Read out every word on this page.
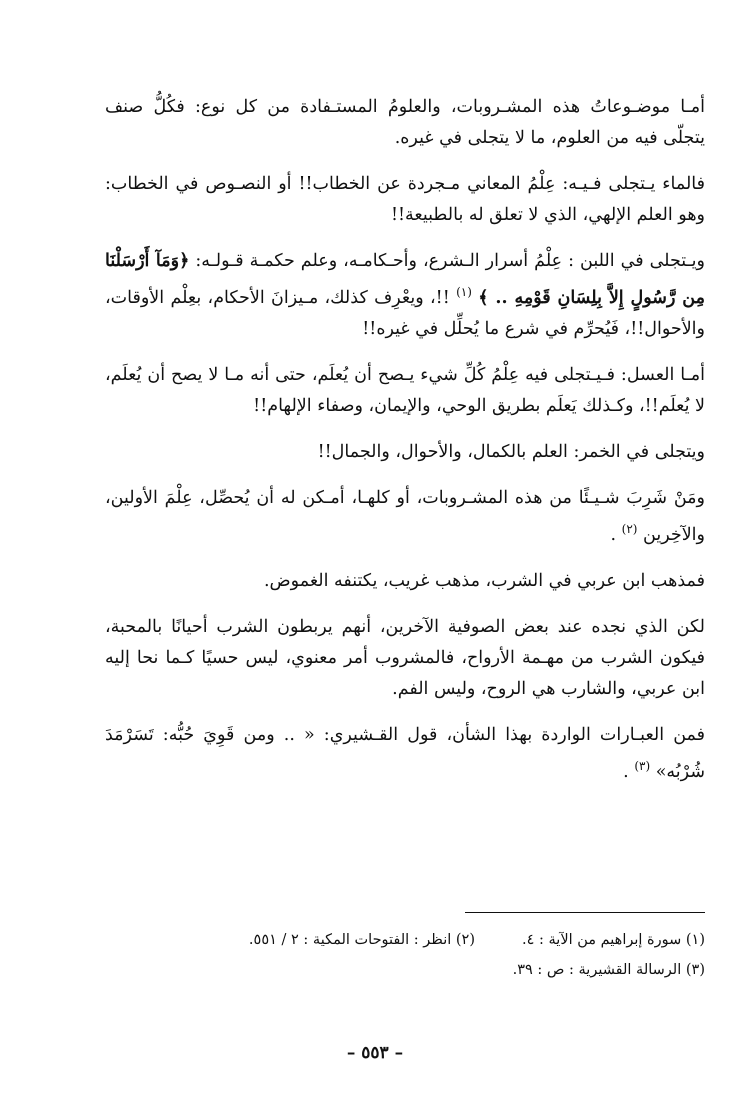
أمـا موضـوعاتُ هذه المشـروبات، والعلومُ المستـفادة من كل نوع: فكُلُّ صنف يتجلّى فيه من العلوم، ما لا يتجلى في غيره.

فالماء يـتجلى فـيـه: عِلْمُ المعاني مـجردة عن الخطاب!! أو النصـوص في الخطاب: وهو العلم الإلهي، الذي لا تعلق له بالطبيعة!!

ويـتجلى في اللبن : عِلْمُ أسرار الـشرع، وأحـكامـه، وعلم حكمـة قـولـه: ﴿وَمَآ أَرْسَلْنَا مِن رَّسُولٍ إِلاَّ بِلِسَانِ قَوْمِهِ .. ﴾ $^{(١)}$ !!، ويعْرِف كذلك، مـيزانَ الأحكام، بعِلْم الأوقات، والأحوال!!، فَيُحرِّم في شرع ما يُحلِّل في غيره!!

أمـا العسل: فـيـتجلى فيه عِلْمُ كُلِّ شيء يـصح أن يُعلَم، حتى أنه مـا لا يصح أن يُعلَم، لا يُعلَم!!، وكـذلك يَعلَم بطريق الوحي، والإيمان، وصفاء الإلهام!!

ويتجلى في الخمر: العلم بالكمال، والأحوال، والجمال!!

ومَنْ شَرِبَ شـيـئًا من هذه المشـروبات، أو كلهـا، أمـكن له أن يُحصِّل، عِلْمَ الأولين، والآخِرين $^{(٢)}$ .

فمذهب ابن عربي في الشرب، مذهب غريب، يكتنفه الغموض.

لكن الذي نجده عند بعض الصوفية الآخرين، أنهم يربطون الشرب أحيانًا بالمحبة، فيكون الشرب من مهـمة الأرواح، فالمشروب أمر معنوي، ليس حسيًا كـما نحا إليه ابن عربي، والشارب هي الروح، وليس الفم.

فمن العبـارات الواردة بهذا الشأن، قول القـشيري: « .. ومن قَوِيَ حُبُّه: تَسَرْمَدَ شُرْبُه» $^{(٣)}$ .

(١) سورة إبراهيم من الآية : ٤.
(٢) انظر : الفتوحات المكية : ٢ / ٥٥١.
(٣) الرسالة القشيرية : ص : ٣٩.
– ٥٥٣ –
